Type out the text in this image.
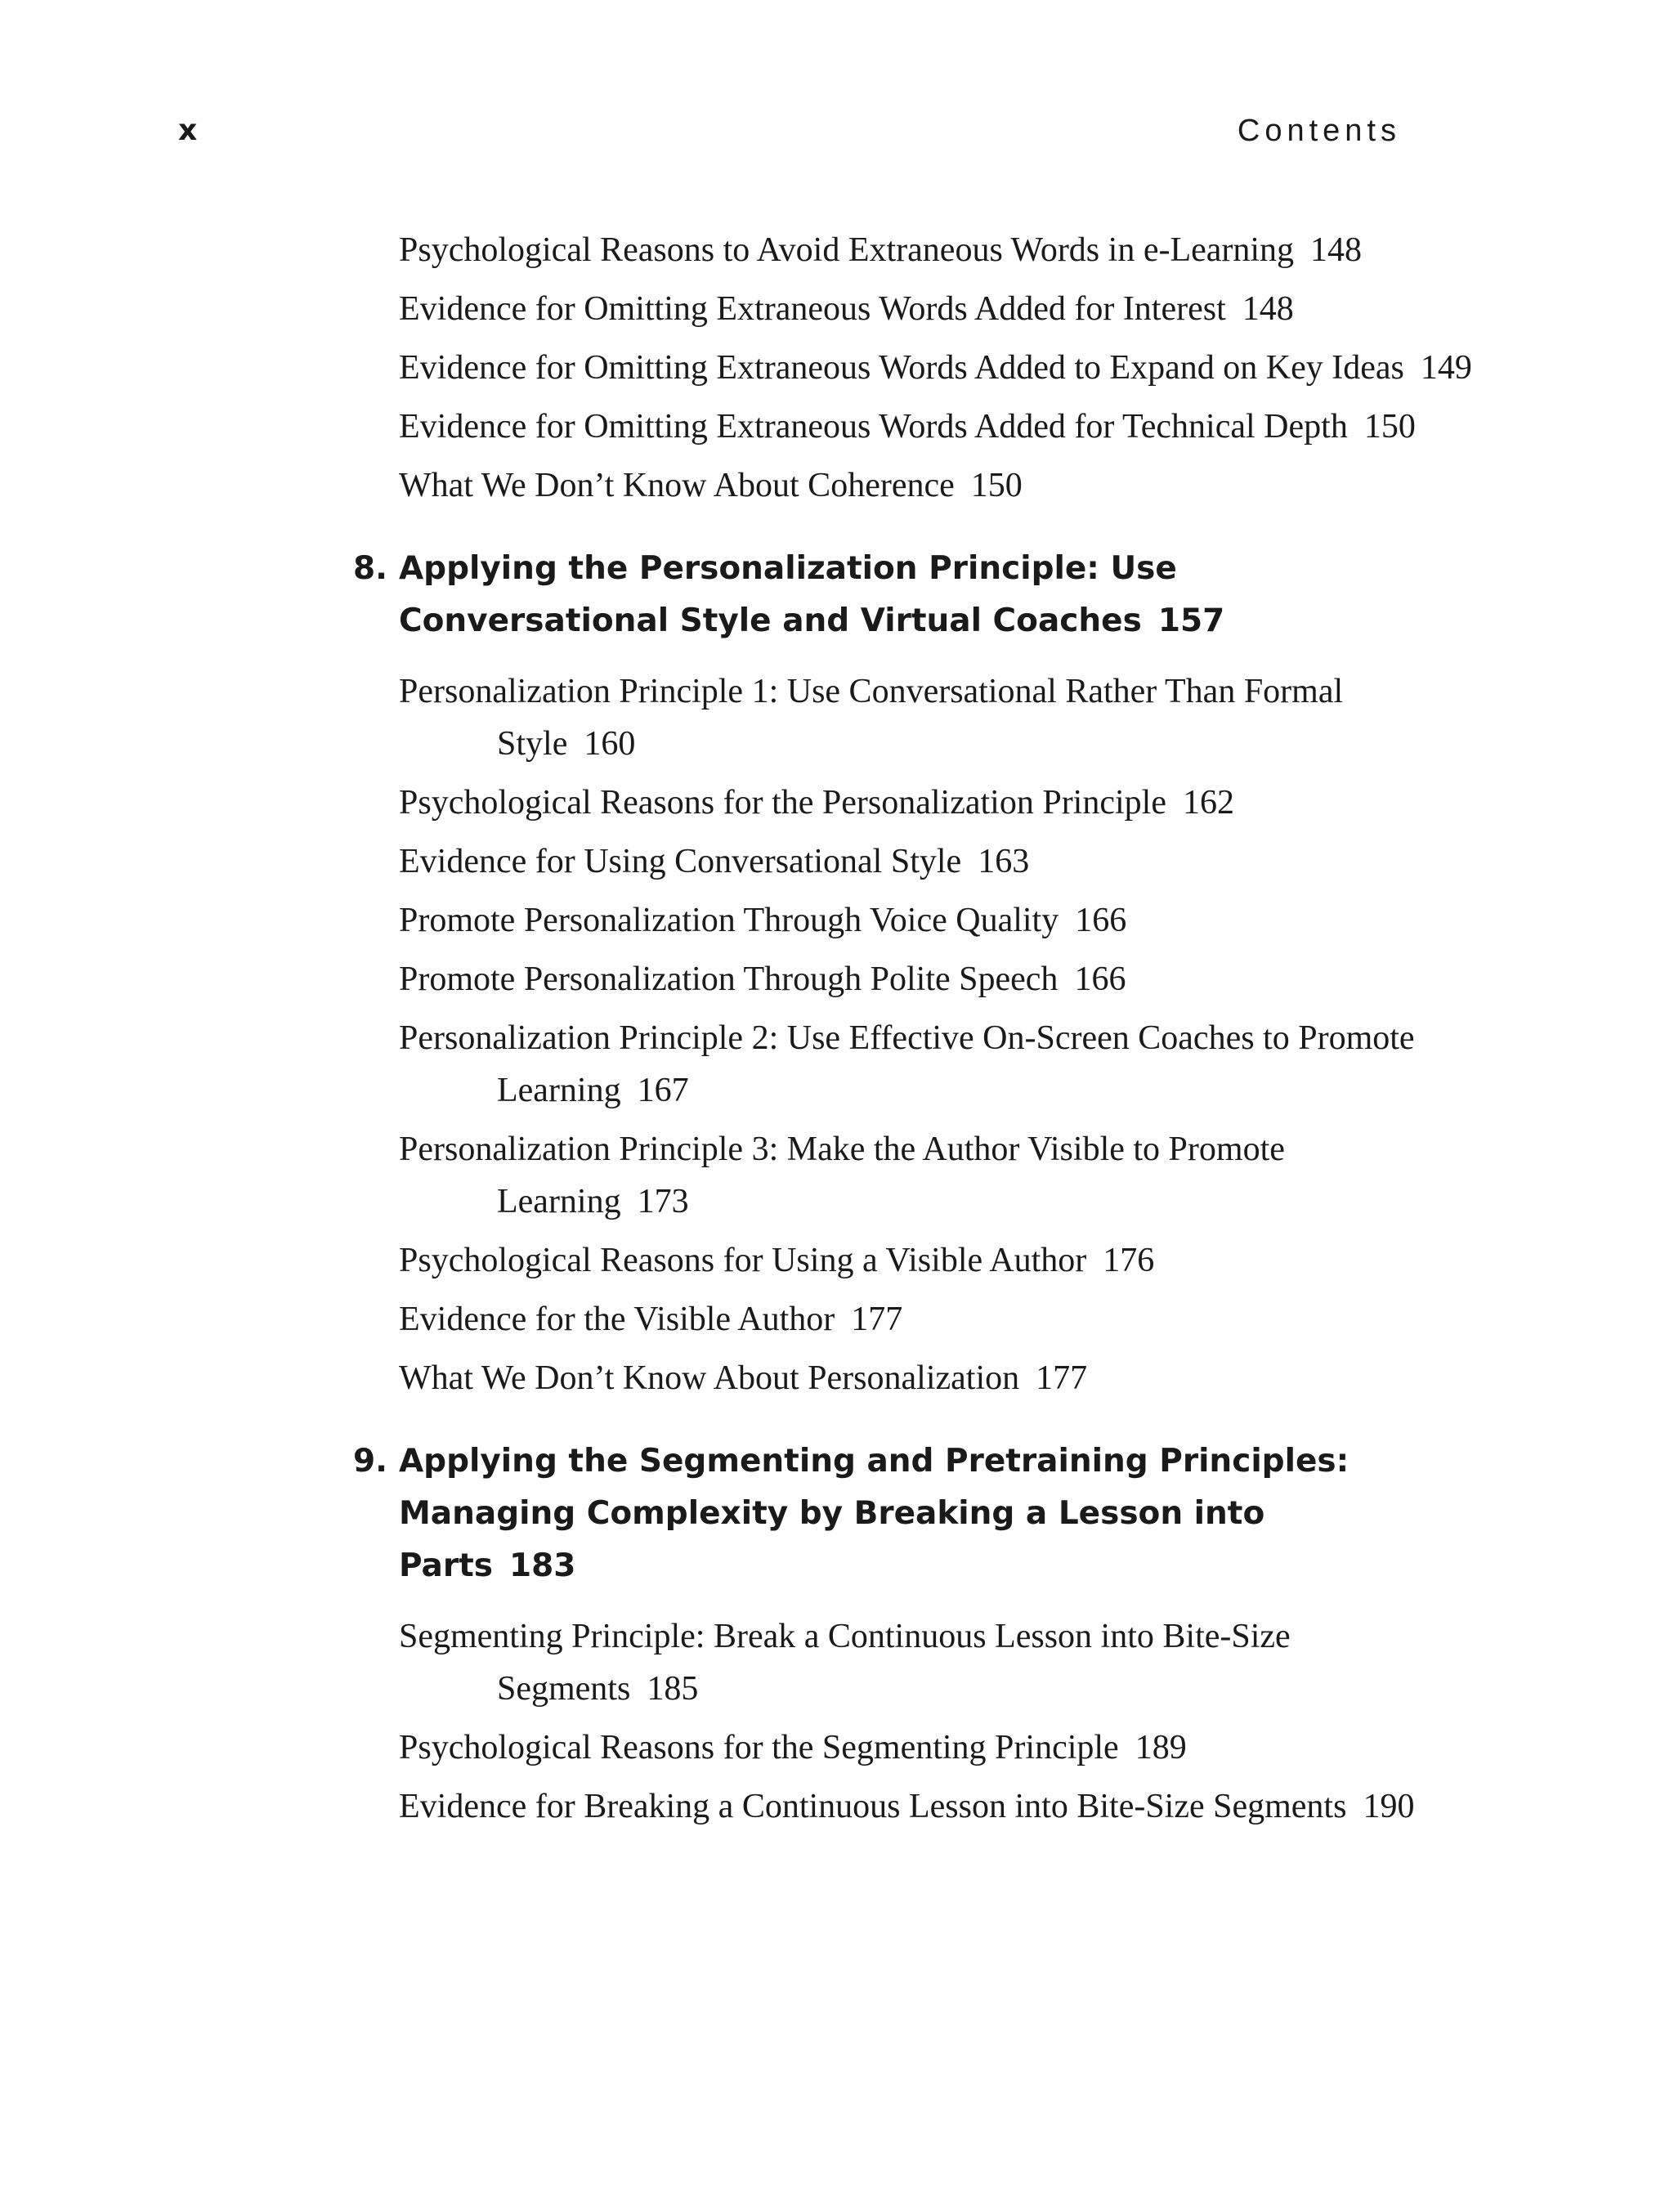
x	Contents
Psychological Reasons to Avoid Extraneous Words in e-Learning 148
Evidence for Omitting Extraneous Words Added for Interest 148
Evidence for Omitting Extraneous Words Added to Expand on Key Ideas 149
Evidence for Omitting Extraneous Words Added for Technical Depth 150
What We Don’t Know About Coherence 150
8. Applying the Personalization Principle: Use Conversational Style and Virtual Coaches 157
Personalization Principle 1: Use Conversational Rather Than Formal Style 160
Psychological Reasons for the Personalization Principle 162
Evidence for Using Conversational Style 163
Promote Personalization Through Voice Quality 166
Promote Personalization Through Polite Speech 166
Personalization Principle 2: Use Effective On-Screen Coaches to Promote Learning 167
Personalization Principle 3: Make the Author Visible to Promote Learning 173
Psychological Reasons for Using a Visible Author 176
Evidence for the Visible Author 177
What We Don’t Know About Personalization 177
9. Applying the Segmenting and Pretraining Principles: Managing Complexity by Breaking a Lesson into Parts 183
Segmenting Principle: Break a Continuous Lesson into Bite-Size Segments 185
Psychological Reasons for the Segmenting Principle 189
Evidence for Breaking a Continuous Lesson into Bite-Size Segments 190
